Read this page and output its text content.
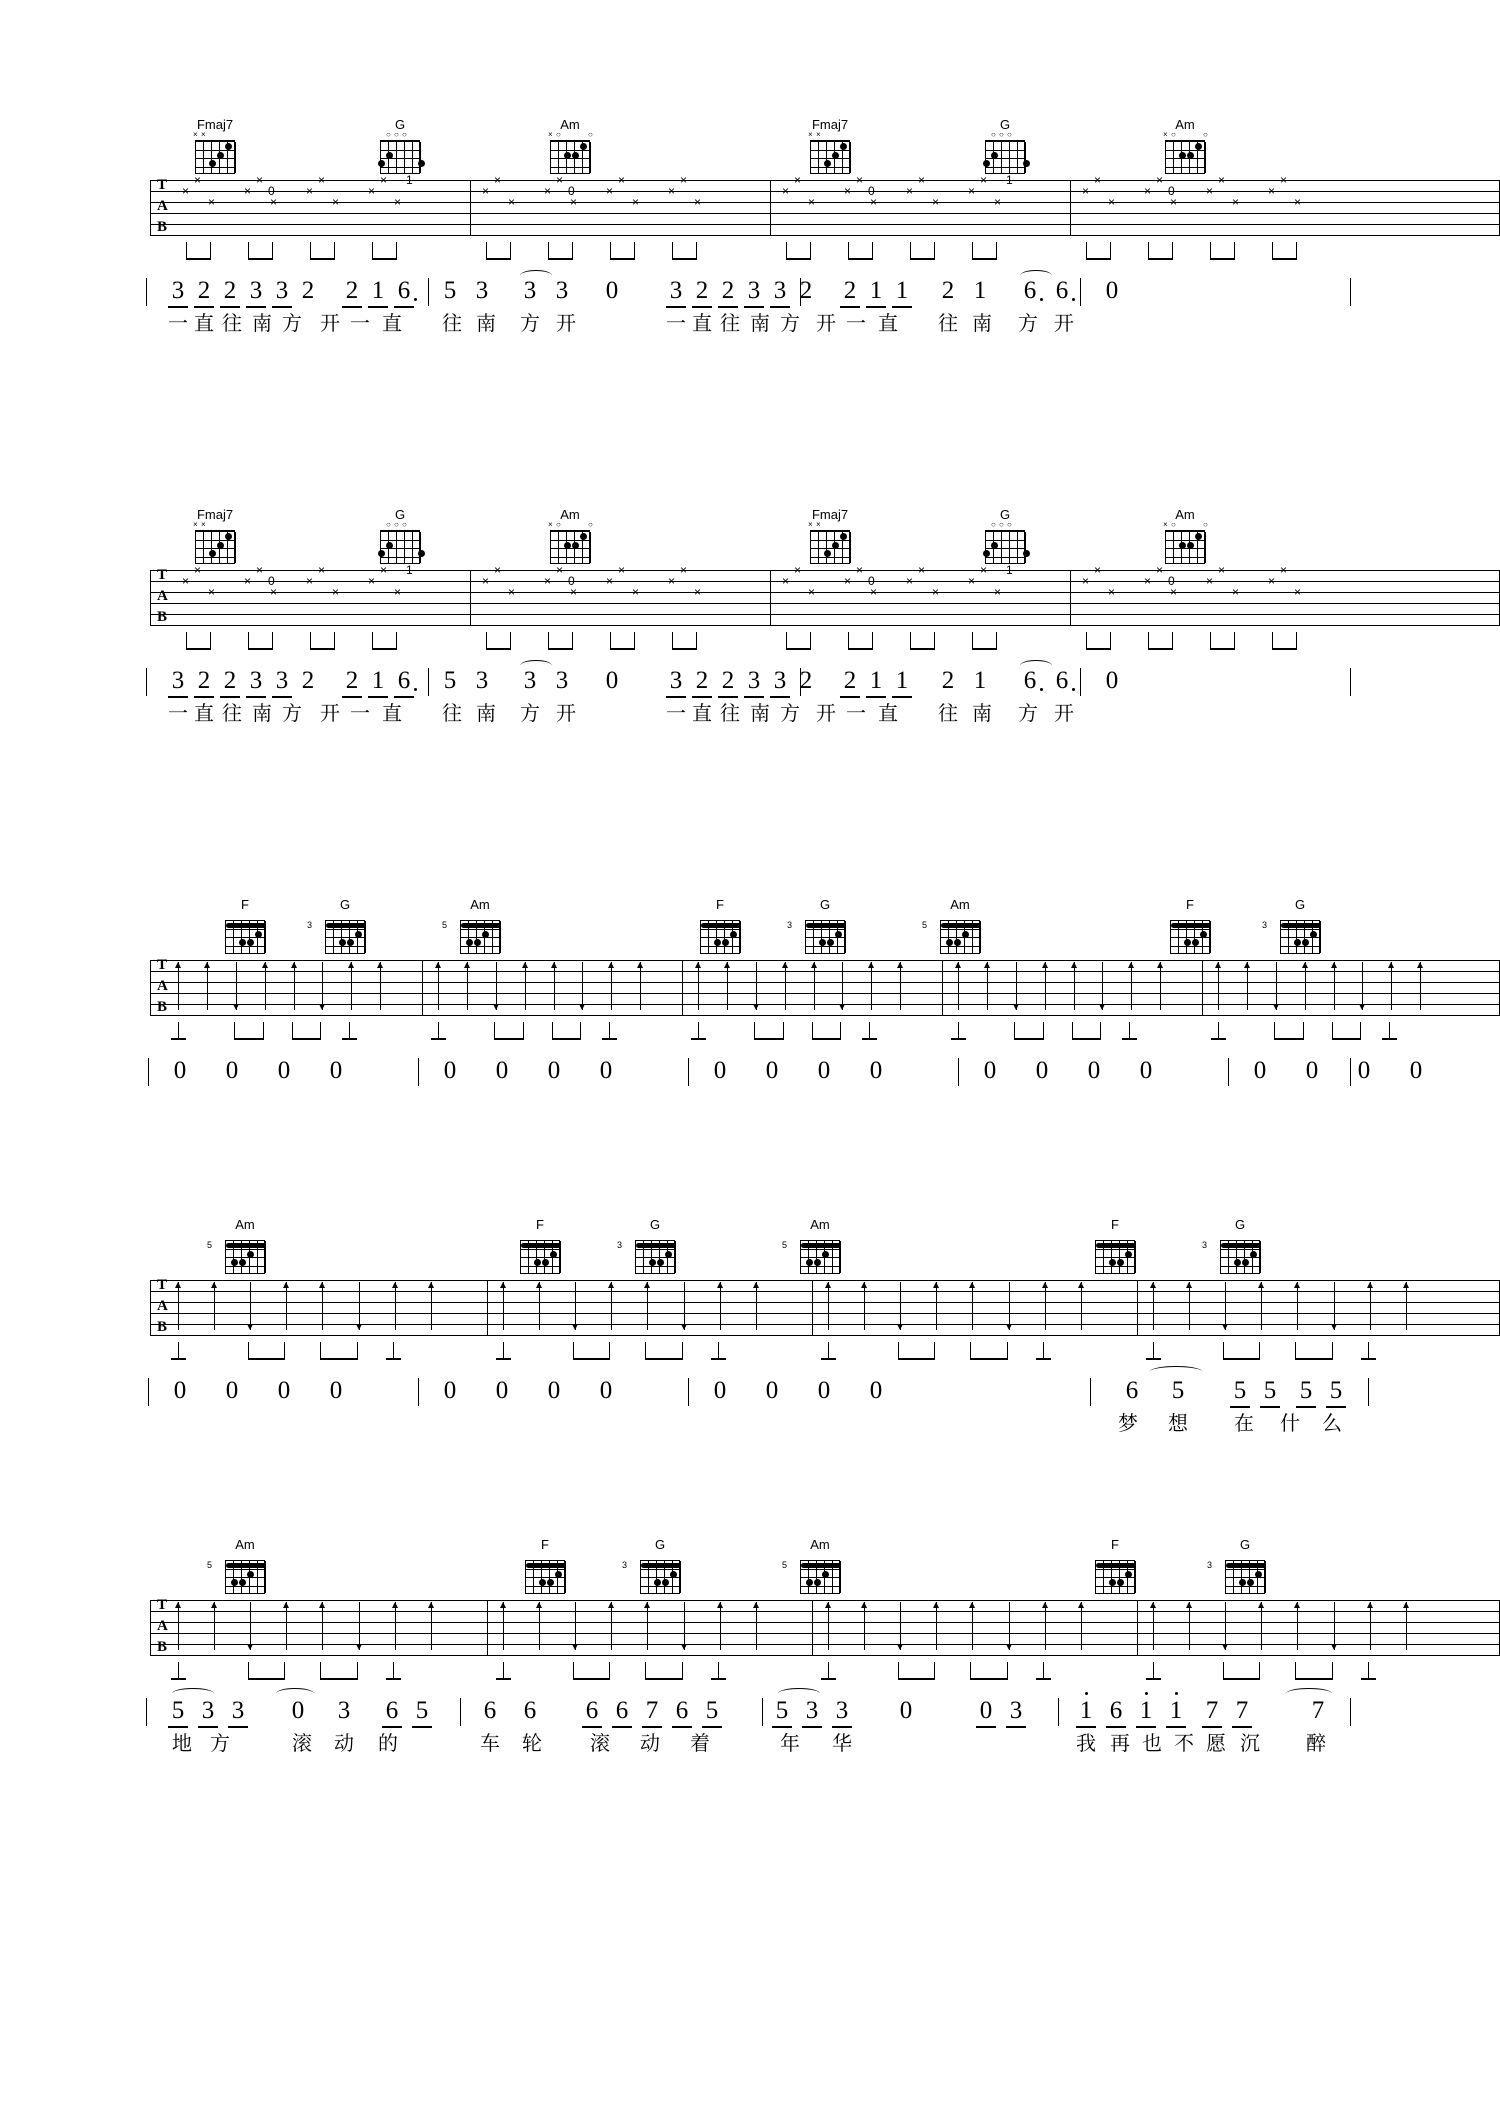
Fmaj7
× ×
G
○ ○ ○
Am
× ○	○
Fmaj7
× ×
G
○ ○ ○
Am
× ○	○
T
A
B
×
×
×
×
×
×
0
×
×
×
×
×
×
1	×
×
×
×
×
×
0
×
×
×
×
×
×
×
×
×
×
×
×
0
×
×
×
×
×
×
1	×
×
×
×
×
×
0
×
×
×
×
×
×
3 2 2 3 3 2 2 1 6 5 3 3 3 0 3 2 2 3 3 2 2 1 1 2 1 6 6 0
一 直 往 南 方 开 一 直 往 南 方 开	一 直 往 南 方 开 一 直 往 南 方 开
Fmaj7
× ×
G
○ ○ ○
Am
× ○	○
Fmaj7
× ×
G
○ ○ ○
Am
× ○	○
T
A
B
×
×
×
×
×
×
0
×
×
×
×
×
×
1	×
×
×
×
×
×
0
×
×
×
×
×
×
×
×
×
×
×
×
0
×
×
×
×
×
×
1	×
×
×
×
×
×
0
×
×
×
×
×
×
3 2 2 3 3 2 2 1 6 5 3 3 3 0 3 2 2 3 3 2 2 1 1 2 1 6 6 0
一 直 往 南 方 开 一 直 往 南 方 开	一 直 往 南 方 开 一 直 往 南 方 开
F	G
3
Am
5
F	G
3
Am
5
F	G
3
T
A
B
0 0 0 0	0 0 0 0	0 0 0 0	0 0 0 0	0 0 0 0
Am
5
F	G
3
Am
5
F	G
3
T
A
B
0 0 0 0	0 0 0 0	0 0 0 0	6 5 5 5 5 5
梦 想 在 什 么
Am
5
F	G
3
Am
5
F	G
3
T
A
B
5 3 3 0 3 6 5 6 6 6 6 7 6 5 5 3 3 0	0 3 1 6 1 1 7 7	7
地 方	滚 动 的	车 轮 滚 动 着	年 华	我 再 也 不 愿 沉 醉
